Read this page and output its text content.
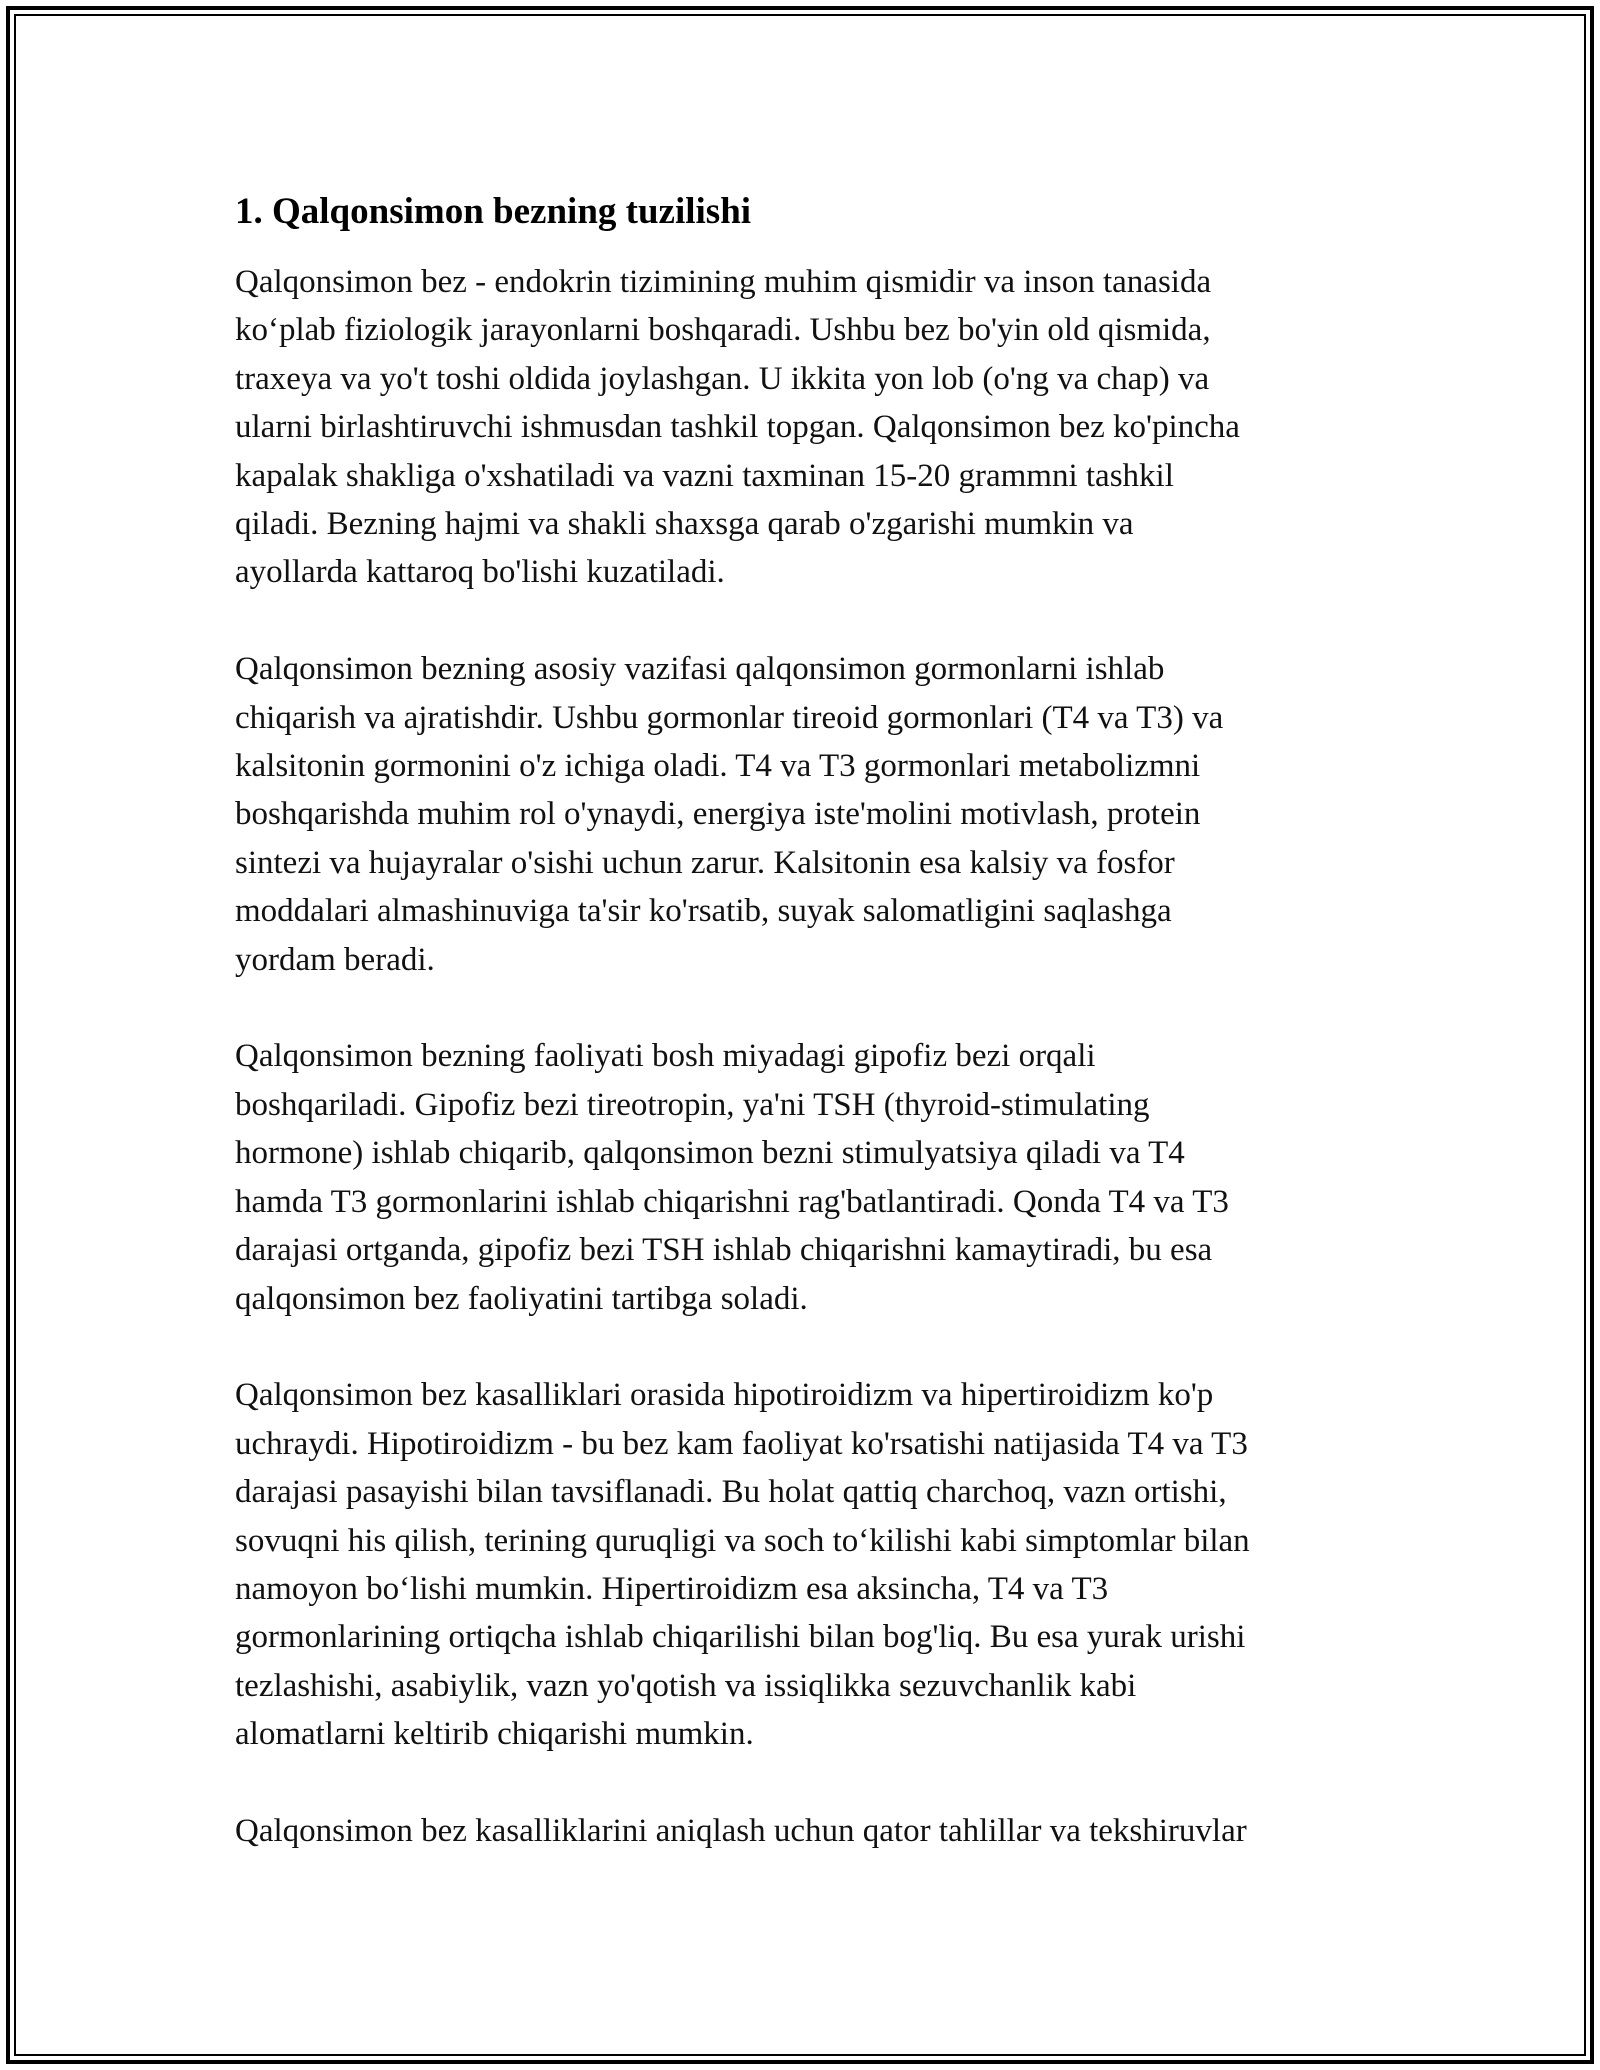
1. Qalqonsimon bezning tuzilishi

Qalqonsimon bez - endokrin tizimining muhim qismidir va inson tanasida
ko‘plab fiziologik jarayonlarni boshqaradi. Ushbu bez bo'yin old qismida,
traxeya va yo't toshi oldida joylashgan. U ikkita yon lob (o'ng va chap) va
ularni birlashtiruvchi ishmusdan tashkil topgan. Qalqonsimon bez ko'pincha
kapalak shakliga o'xshatiladi va vazni taxminan 15-20 grammni tashkil
qiladi. Bezning hajmi va shakli shaxsga qarab o'zgarishi mumkin va
ayollarda kattaroq bo'lishi kuzatiladi.

Qalqonsimon bezning asosiy vazifasi qalqonsimon gormonlarni ishlab
chiqarish va ajratishdir. Ushbu gormonlar tireoid gormonlari (T4 va T3) va
kalsitonin gormonini o'z ichiga oladi. T4 va T3 gormonlari metabolizmni
boshqarishda muhim rol o'ynaydi, energiya iste'molini motivlash, protein
sintezi va hujayralar o'sishi uchun zarur. Kalsitonin esa kalsiy va fosfor
moddalari almashinuviga ta'sir ko'rsatib, suyak salomatligini saqlashga
yordam beradi.

Qalqonsimon bezning faoliyati bosh miyadagi gipofiz bezi orqali
boshqariladi. Gipofiz bezi tireotropin, ya'ni TSH (thyroid-stimulating
hormone) ishlab chiqarib, qalqonsimon bezni stimulyatsiya qiladi va T4
hamda T3 gormonlarini ishlab chiqarishni rag'batlantiradi. Qonda T4 va T3
darajasi ortganda, gipofiz bezi TSH ishlab chiqarishni kamaytiradi, bu esa
qalqonsimon bez faoliyatini tartibga soladi.

Qalqonsimon bez kasalliklari orasida hipotiroidizm va hipertiroidizm ko'p
uchraydi. Hipotiroidizm - bu bez kam faoliyat ko'rsatishi natijasida T4 va T3
darajasi pasayishi bilan tavsiflanadi. Bu holat qattiq charchoq, vazn ortishi,
sovuqni his qilish, terining quruqligi va soch to‘kilishi kabi simptomlar bilan
namoyon bo‘lishi mumkin. Hipertiroidizm esa aksincha, T4 va T3
gormonlarining ortiqcha ishlab chiqarilishi bilan bog'liq. Bu esa yurak urishi
tezlashishi, asabiylik, vazn yo'qotish va issiqlikka sezuvchanlik kabi
alomatlarni keltirib chiqarishi mumkin.

Qalqonsimon bez kasalliklarini aniqlash uchun qator tahlillar va tekshiruvlar
